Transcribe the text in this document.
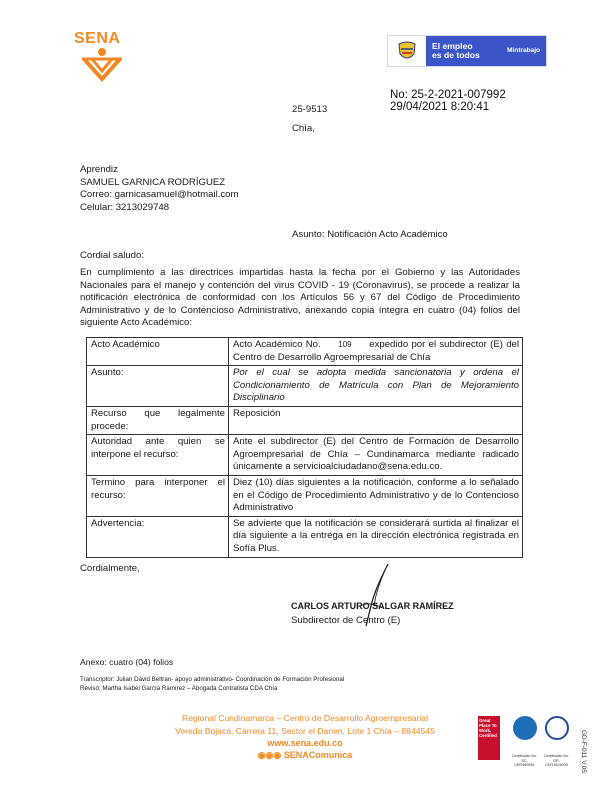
SENA	El empleo
es de todos	Mintrabajo
No: 25-2-2021-007992
29/04/2021 8:20:41
25-9513
Chía,
Aprendiz
SAMUEL GARNICA RODRÍGUEZ
Correo: garnicasamuel@hotmail.com
Celular: 3213029748
Asunto: Notificación Acto Académico
Cordial saludo:
En cumplimiento a las directrices impartidas hasta la fecha por el Gobierno y las Autoridades Nacionales para el manejo y contención del virus COVID - 19 (Coronavirus), se procede a realizar la notificación electrónica de conformidad con los Artículos 56 y 67 del Código de Procedimiento Administrativo y de lo Contencioso Administrativo, anexando copia íntegra en cuatro (04) folios del siguiente Acto Académico:
Acto Académico	Acto Académico No. 109 expedido por el subdirector (E) del Centro de Desarrollo Agroempresarial de Chía
Asunto:	Por el cual se adopta medida sancionatoria y ordena el Condicionamiento de Matrícula con Plan de Mejoramiento Disciplinario
Recurso que legalmente procede:	Reposición
Autoridad ante quien se interpone el recurso:	Ante el subdirector (E) del Centro de Formación de Desarrollo Agroempresarial de Chía – Cundinamarca mediante radicado únicamente a servicioalciudadano@sena.edu.co.
Termino para interponer el recurso:	Diez (10) días siguientes a la notificación, conforme a lo señalado en el Código de Procedimiento Administrativo y de lo Contencioso Administrativo
Advertencia:	Se advierte que la notificación se considerará surtida al finalizar el día siguiente a la entrega en la dirección electrónica registrada en Sofía Plus.
Cordialmente,
CARLOS ARTURO SALGAR RAMÍREZ
Subdirector de Centro (E)
Anexo: cuatro (04) folios
Transcriptor: Julian David Beltran- apoyo administrativo- Coordinación de Formación Profesional
Revisó: Martha Isabel García Ramírez – Abogada Contratista CDA Chía
Regional Cundinamarca – Centro de Desarrollo Agroempresarial
Vereda Bojaca, Carrera 11, Sector el Darien, Lote 1 Chía – 8844545
www.sena.edu.co
◉◉◉ SENAComunica
Great Place To Work. Certified
Certificado No. SC-CER489561
Certificado No. GP-CER1624009	GD-F-011 V.05
